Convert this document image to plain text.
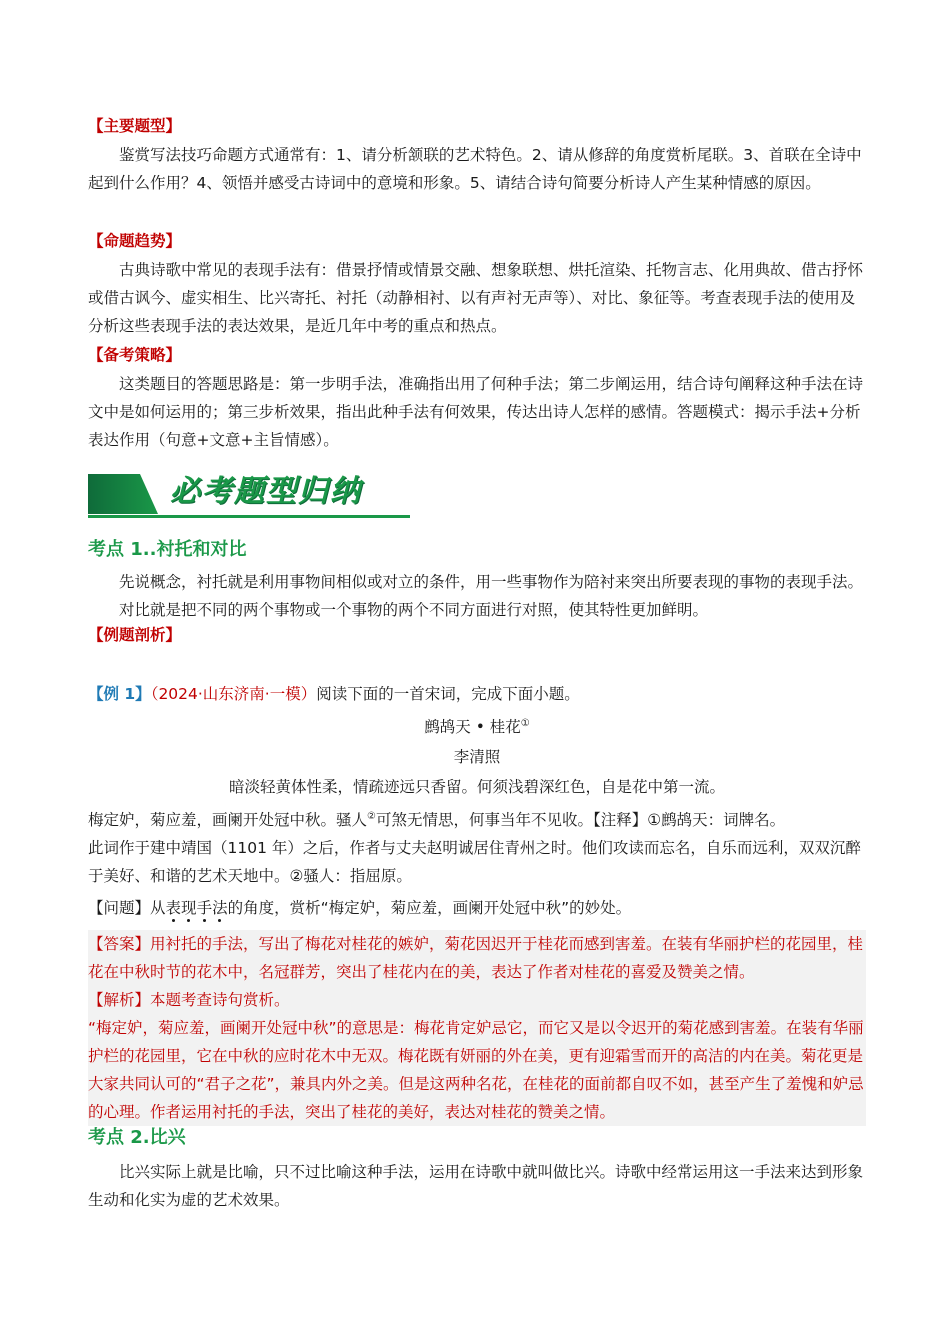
【主要题型】

鉴赏写法技巧命题方式通常有：1、请分析颔联的艺术特色。2、请从修辞的角度赏析尾联。3、首联在全诗中起到什么作用？4、领悟并感受古诗词中的意境和形象。5、请结合诗句简要分析诗人产生某种情感的原因。

【命题趋势】

古典诗歌中常见的表现手法有：借景抒情或情景交融、想象联想、烘托渲染、托物言志、化用典故、借古抒怀或借古讽今、虚实相生、比兴寄托、衬托（动静相衬、以有声衬无声等）、对比、象征等。考查表现手法的使用及分析这些表现手法的表达效果，是近几年中考的重点和热点。

【备考策略】

这类题目的答题思路是：第一步明手法，准确指出用了何种手法；第二步阐运用，结合诗句阐释这种手法在诗文中是如何运用的；第三步析效果，指出此种手法有何效果，传达出诗人怎样的感情。答题模式：揭示手法+分析表达作用（句意+文意+主旨情感）。

必考题型归纳

考点 1..衬托和对比

先说概念，衬托就是利用事物间相似或对立的条件，用一些事物作为陪衬来突出所要表现的事物的表现手法。

对比就是把不同的两个事物或一个事物的两个不同方面进行对照，使其特性更加鲜明。

【例题剖析】

【例 1】（2024·山东济南·一模）阅读下面的一首宋词，完成下面小题。

鹧鸪天 • 桂花①

李清照

暗淡轻黄体性柔，情疏迹远只香留。何须浅碧深红色，自是花中第一流。

梅定妒，菊应羞，画阑开处冠中秋。骚人②可煞无情思，何事当年不见收。【注释】①鹧鸪天：词牌名。

此词作于建中靖国（1101 年）之后，作者与丈夫赵明诚居住青州之时。他们攻读而忘名，自乐而远利，双双沉醉于美好、和谐的艺术天地中。②骚人：指屈原。

【问题】从表现手法的角度，赏析“梅定妒，菊应羞，画阑开处冠中秋”的妙处。

【答案】用衬托的手法，写出了梅花对桂花的嫉妒，菊花因迟开于桂花而感到害羞。在装有华丽护栏的花园里，桂花在中秋时节的花木中，名冠群芳，突出了桂花内在的美，表达了作者对桂花的喜爱及赞美之情。

【解析】本题考查诗句赏析。

“梅定妒，菊应羞，画阑开处冠中秋”的意思是：梅花肯定妒忌它，而它又是以令迟开的菊花感到害羞。在装有华丽护栏的花园里，它在中秋的应时花木中无双。梅花既有妍丽的外在美，更有迎霜雪而开的高洁的内在美。菊花更是大家共同认可的“君子之花”，兼具内外之美。但是这两种名花，在桂花的面前都自叹不如，甚至产生了羞愧和妒忌的心理。作者运用衬托的手法，突出了桂花的美好，表达对桂花的赞美之情。

考点 2.比兴

比兴实际上就是比喻，只不过比喻这种手法，运用在诗歌中就叫做比兴。诗歌中经常运用这一手法来达到形象生动和化实为虚的艺术效果。
